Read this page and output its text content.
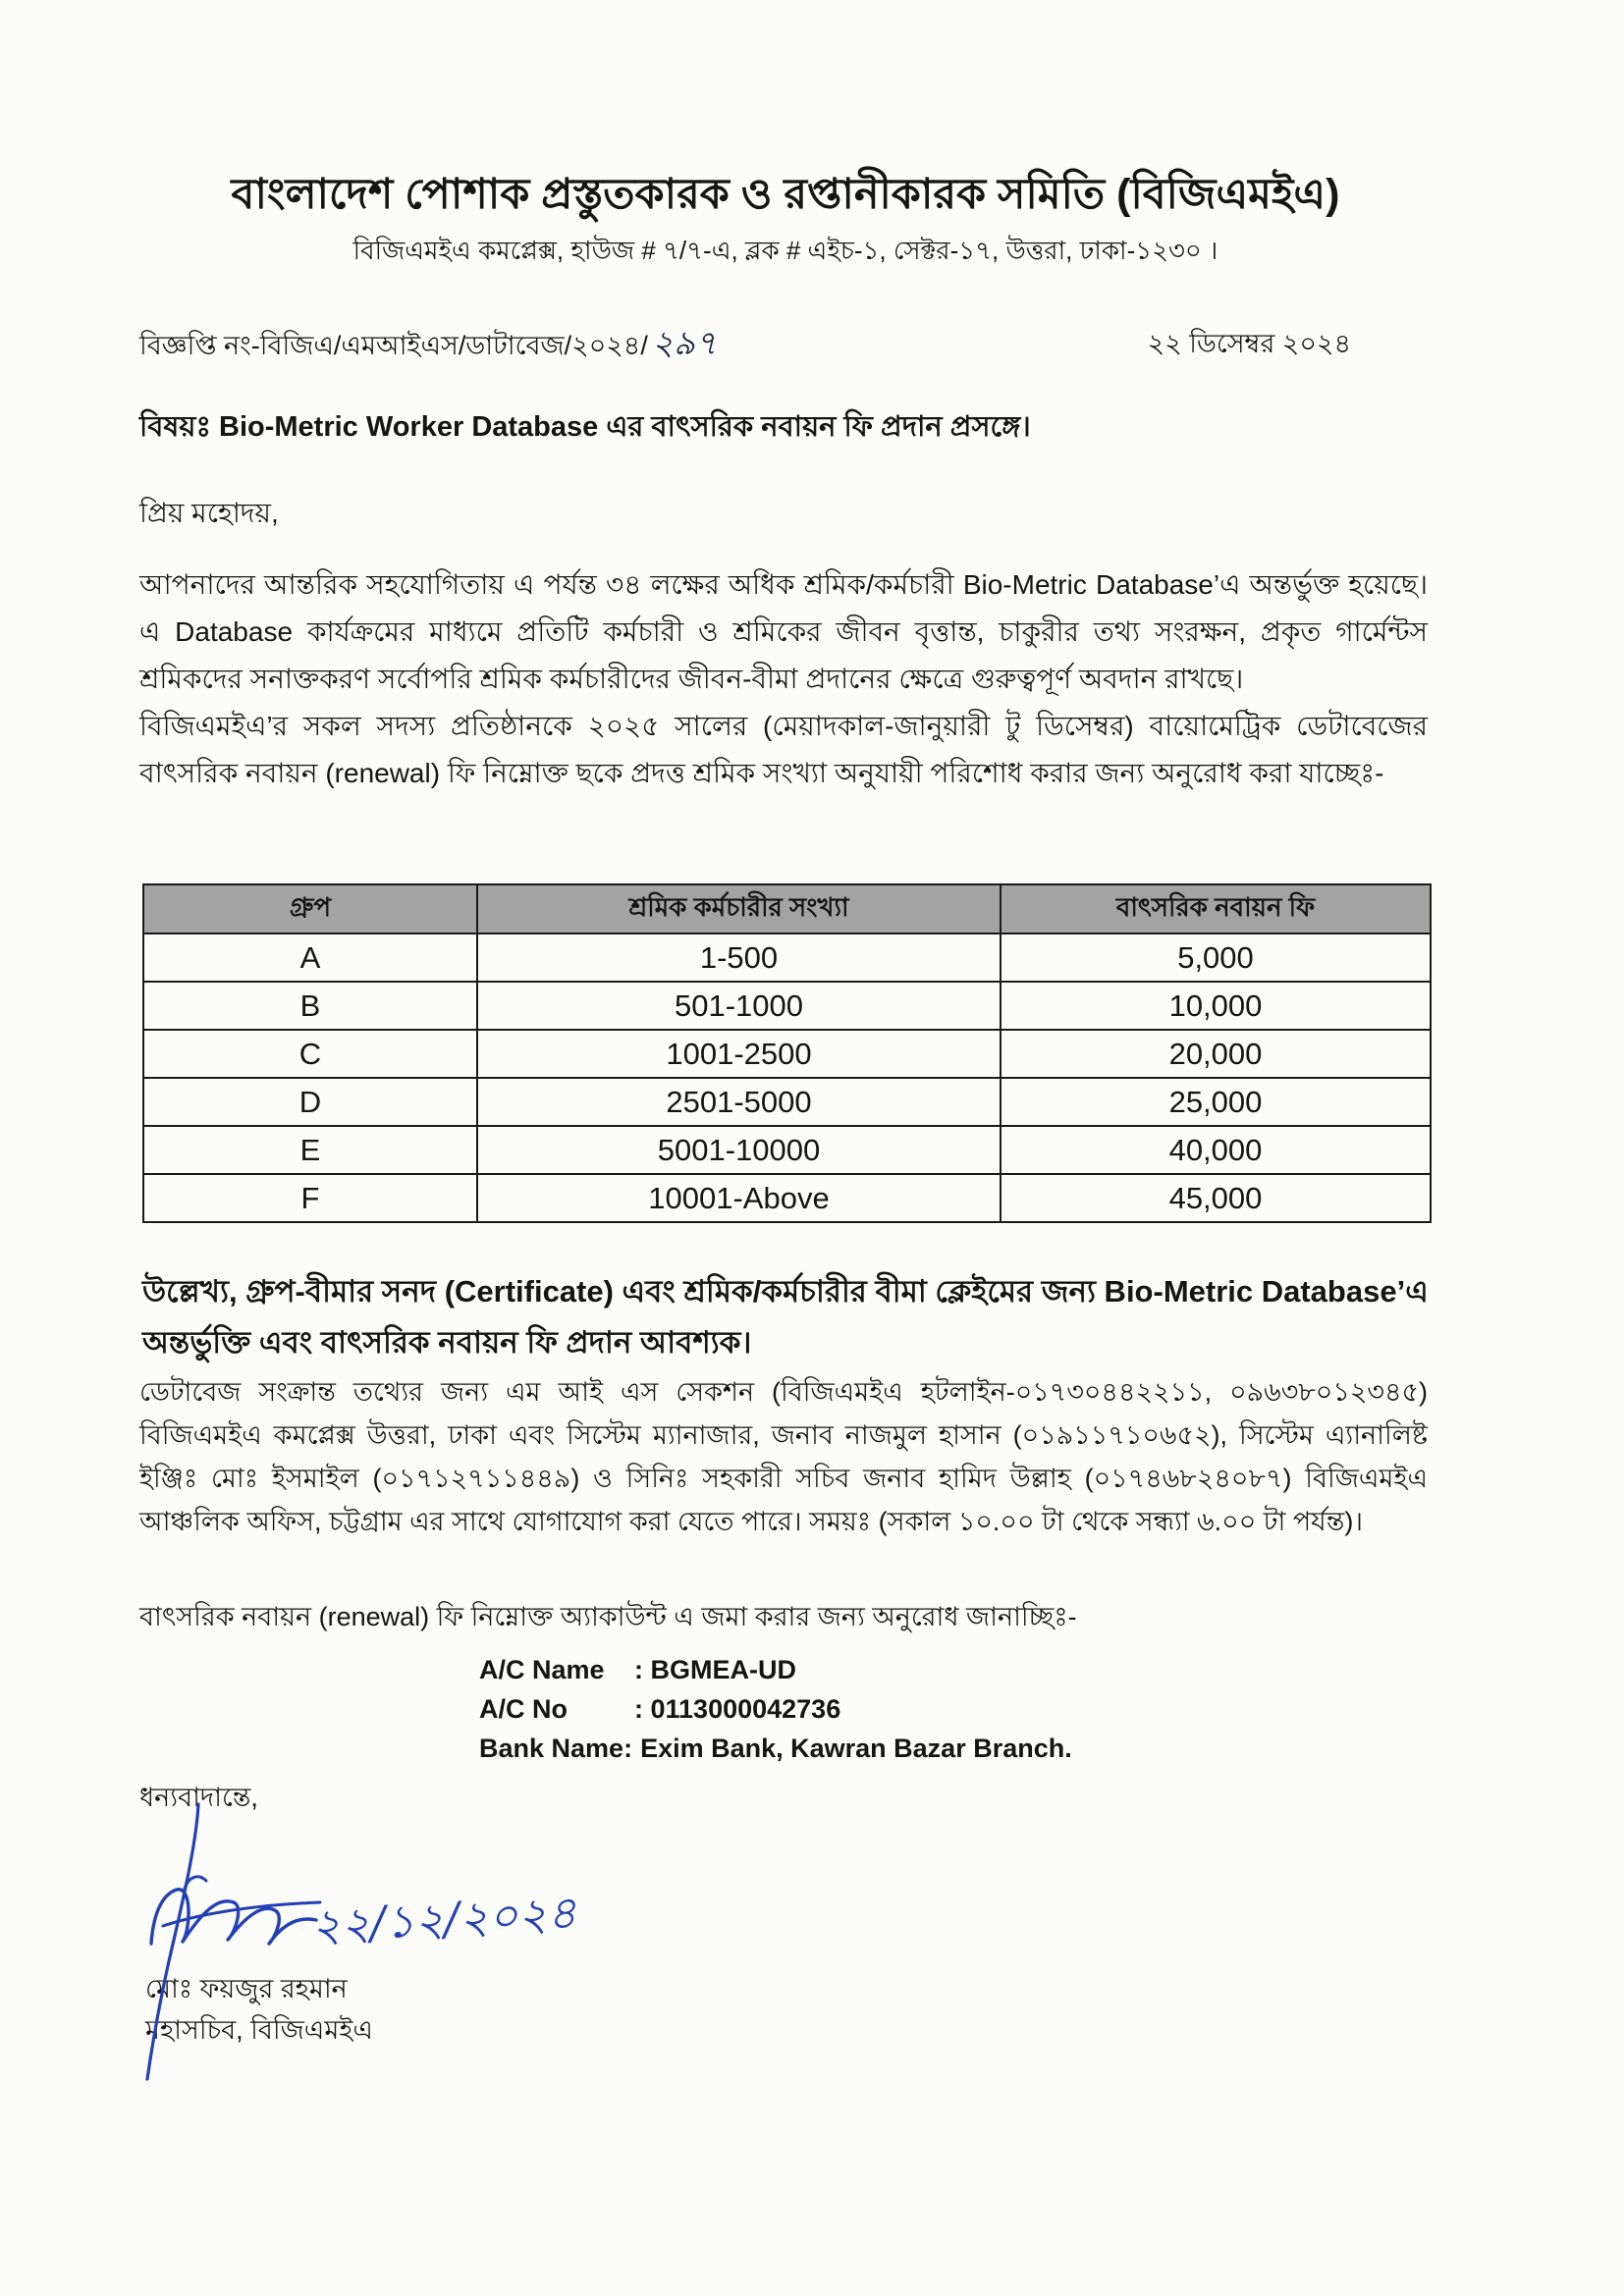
বাংলাদেশ পোশাক প্রস্তুতকারক ও রপ্তানীকারক সমিতি (বিজিএমইএ)
বিজিএমইএ কমপ্লেক্স, হাউজ # ৭/৭-এ, ব্লক # এইচ-১, সেক্টর-১৭, উত্তরা, ঢাকা-১২৩০ ।
বিজ্ঞপ্তি নং-বিজিএ/এমআইএস/ডাটাবেজ/২০২৪/ ২৯৭	২২ ডিসেম্বর ২০২৪
বিষয়ঃ Bio-Metric Worker Database এর বাৎসরিক নবায়ন ফি প্রদান প্রসঙ্গে।
প্রিয় মহোদয়,

আপনাদের আন্তরিক সহযোগিতায় এ পর্যন্ত ৩৪ লক্ষের অধিক শ্রমিক/কর্মচারী Bio-Metric Database’এ অন্তর্ভুক্ত হয়েছে। এ Database কার্যক্রমের মাধ্যমে প্রতিটি কর্মচারী ও শ্রমিকের জীবন বৃত্তান্ত, চাকুরীর তথ্য সংরক্ষন, প্রকৃত গার্মেন্টস শ্রমিকদের সনাক্তকরণ সর্বোপরি শ্রমিক কর্মচারীদের জীবন-বীমা প্রদানের ক্ষেত্রে গুরুত্বপূর্ণ অবদান রাখছে।

বিজিএমইএ’র সকল সদস্য প্রতিষ্ঠানকে ২০২৫ সালের (মেয়াদকাল-জানুয়ারী টু ডিসেম্বর) বায়োমেট্রিক ডেটাবেজের বাৎসরিক নবায়ন (renewal) ফি নিম্নোক্ত ছকে প্রদত্ত শ্রমিক সংখ্যা অনুযায়ী পরিশোধ করার জন্য অনুরোধ করা যাচ্ছেঃ-

গ্রুপ	শ্রমিক কর্মচারীর সংখ্যা	বাৎসরিক নবায়ন ফি
A	1-500	5,000
B	501-1000	10,000
C	1001-2500	20,000
D	2501-5000	25,000
E	5001-10000	40,000
F	10001-Above	45,000
উল্লেখ্য, গ্রুপ-বীমার সনদ (Certificate) এবং শ্রমিক/কর্মচারীর বীমা ক্লেইমের জন্য Bio-Metric Database’এ অন্তর্ভুক্তি এবং বাৎসরিক নবায়ন ফি প্রদান আবশ্যক।
ডেটাবেজ সংক্রান্ত তথ্যের জন্য এম আই এস সেকশন (বিজিএমইএ হটলাইন-০১৭৩০৪৪২২১১, ০৯৬৩৮০১২৩৪৫) বিজিএমইএ কমপ্লেক্স উত্তরা, ঢাকা এবং সিস্টেম ম্যানাজার, জনাব নাজমুল হাসান (০১৯১১৭১০৬৫২), সিস্টেম এ্যানালিষ্ট ইঞ্জিঃ মোঃ ইসমাইল (০১৭১২৭১১৪৪৯) ও সিনিঃ সহকারী সচিব জনাব হামিদ উল্লাহ (০১৭৪৬৮২৪০৮৭) বিজিএমইএ আঞ্চলিক অফিস, চট্টগ্রাম এর সাথে যোগাযোগ করা যেতে পারে। সময়ঃ (সকাল ১০.০০ টা থেকে সন্ধ্যা ৬.০০ টা পর্যন্ত)।
বাৎসরিক নবায়ন (renewal) ফি নিম্নোক্ত অ্যাকাউন্ট এ জমা করার জন্য অনুরোধ জানাচ্ছিঃ-
A/C Name : BGMEA-UD
A/C No	: 0113000042736
Bank Name: Exim Bank, Kawran Bazar Branch.
ধন্যবাদান্তে,
মোঃ ফয়জুর রহমান
মহাসচিব, বিজিএমইএ
২২/১২/২০২৪
